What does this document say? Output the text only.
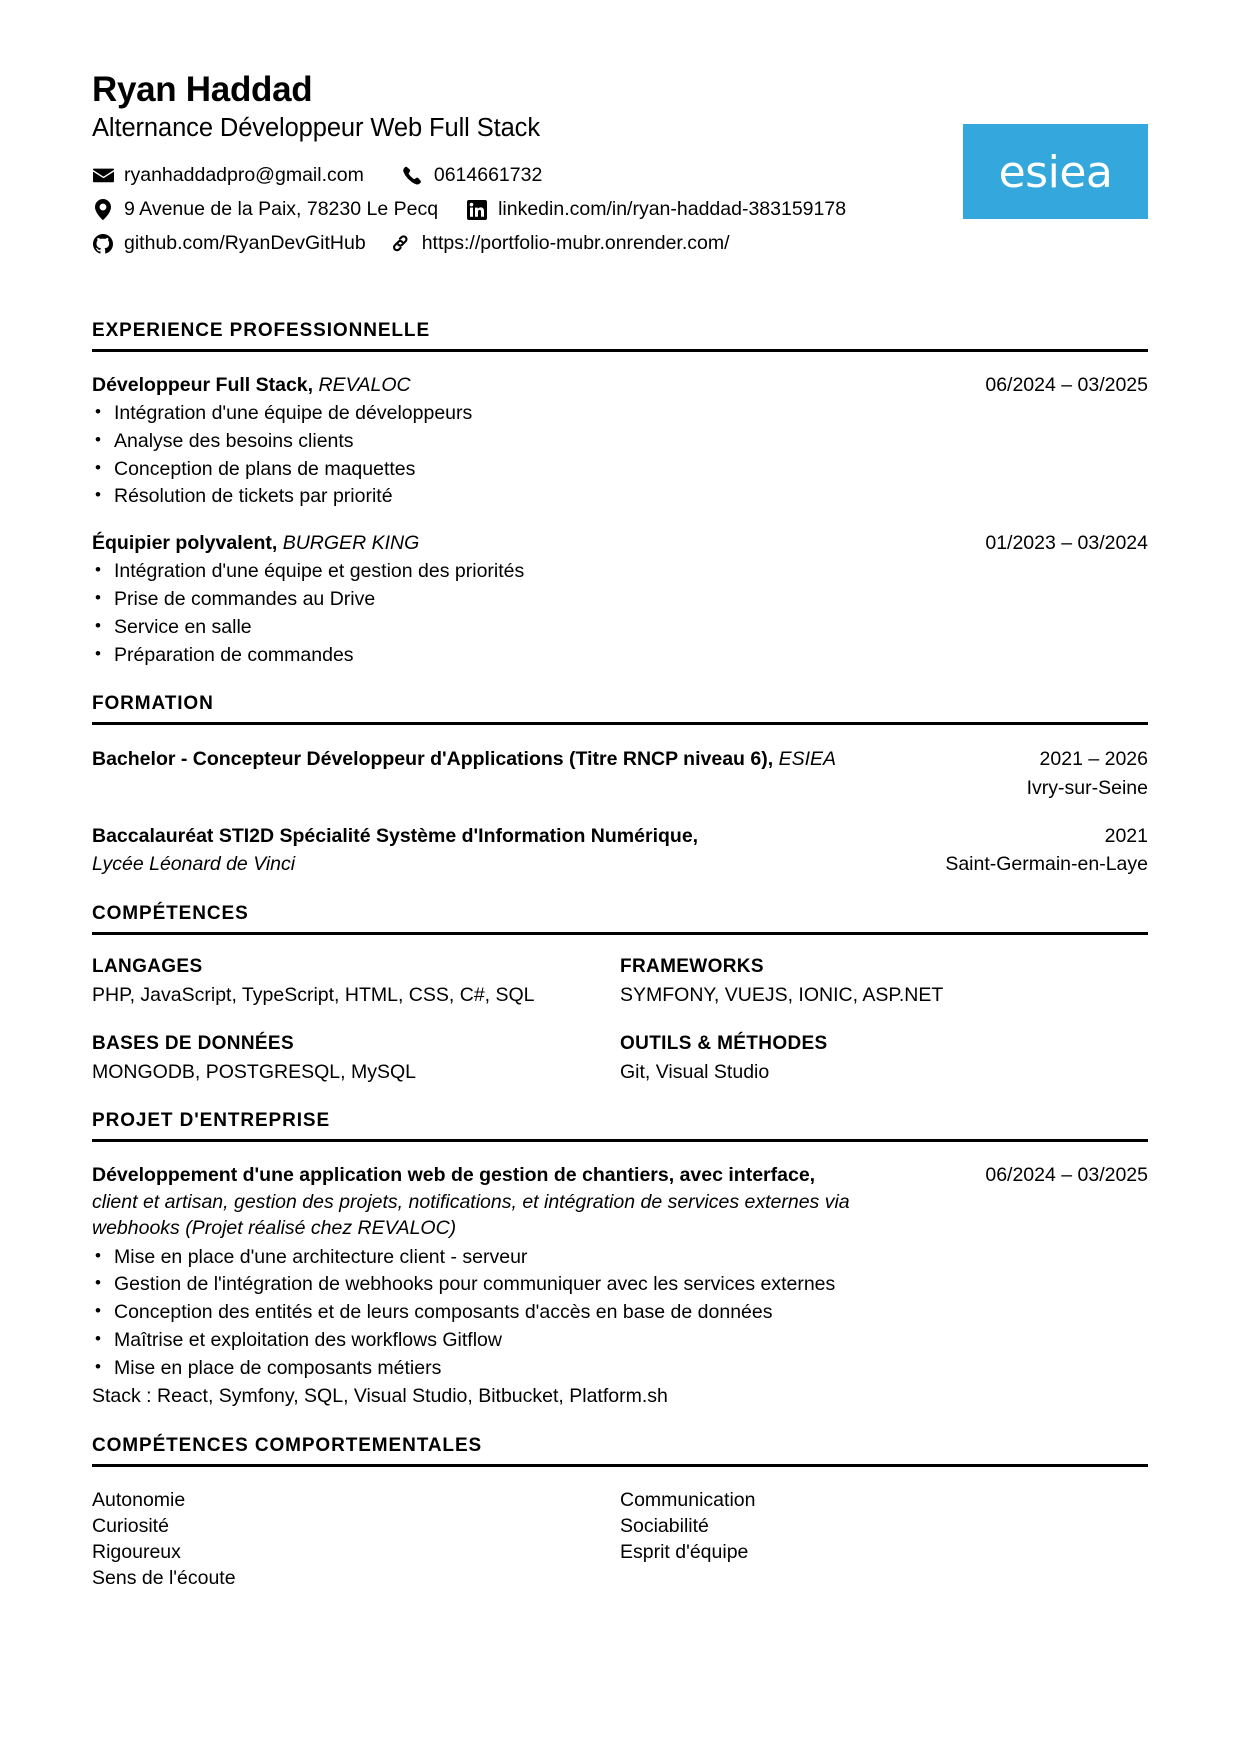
Ryan Haddad
Alternance Développeur Web Full Stack
ryanhaddadpro@gmail.com	0614661732
9 Avenue de la Paix, 78230 Le Pecq	linkedin.com/in/ryan-haddad-383159178
github.com/RyanDevGitHub	https://portfolio-mubr.onrender.com/
esiea
EXPERIENCE PROFESSIONNELLE
Développeur Full Stack, REVALOC	06/2024 – 03/2025
• Intégration d'une équipe de développeurs
• Analyse des besoins clients
• Conception de plans de maquettes
• Résolution de tickets par priorité
Équipier polyvalent, BURGER KING	01/2023 – 03/2024
• Intégration d'une équipe et gestion des priorités
• Prise de commandes au Drive
• Service en salle
• Préparation de commandes
FORMATION
Bachelor - Concepteur Développeur d'Applications (Titre RNCP niveau 6), ESIEA	2021 – 2026
Ivry-sur-Seine
Baccalauréat STI2D Spécialité Système d'Information Numérique,
Lycée Léonard de Vinci
2021
Saint-Germain-en-Laye
COMPÉTENCES
LANGAGES
PHP, JavaScript, TypeScript, HTML, CSS, C#, SQL
FRAMEWORKS
SYMFONY, VUEJS, IONIC, ASP.NET
BASES DE DONNÉES
MONGODB, POSTGRESQL, MySQL
OUTILS & MÉTHODES
Git, Visual Studio
PROJET D'ENTREPRISE
Développement d'une application web de gestion de chantiers, avec interface, client et artisan, gestion des projets, notifications, et intégration de services externes via webhooks (Projet réalisé chez REVALOC)
06/2024 – 03/2025
• Mise en place d'une architecture client - serveur
• Gestion de l'intégration de webhooks pour communiquer avec les services externes
• Conception des entités et de leurs composants d'accès en base de données
• Maîtrise et exploitation des workflows Gitflow
• Mise en place de composants métiers
Stack : React, Symfony, SQL, Visual Studio, Bitbucket, Platform.sh
COMPÉTENCES COMPORTEMENTALES
Autonomie
Curiosité
Rigoureux
Sens de l'écoute
Communication
Sociabilité
Esprit d'équipe
